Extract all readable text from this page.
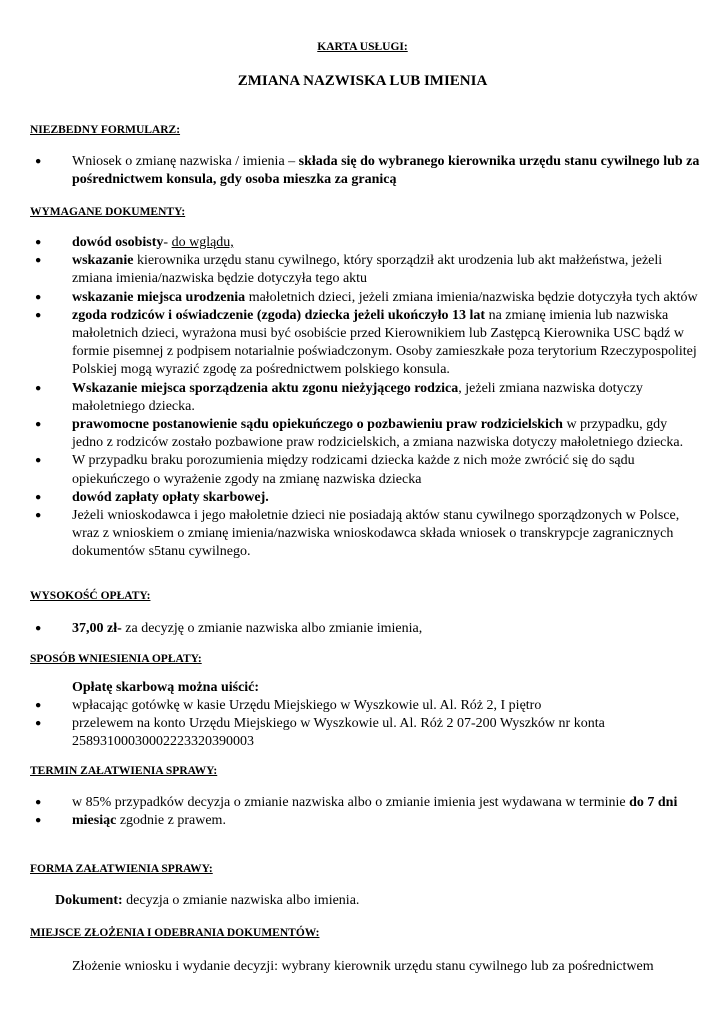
KARTA USŁUGI:
ZMIANA NAZWISKA LUB IMIENIA
NIEZBEDNY FORMULARZ:
● Wniosek o zmianę nazwiska / imienia – składa się do wybranego kierownika urzędu stanu cywilnego lub za pośrednictwem konsula, gdy osoba mieszka za granicą
WYMAGANE DOKUMENTY:
● dowód osobisty- do wglądu,
● wskazanie kierownika urzędu stanu cywilnego, który sporządził akt urodzenia lub akt małżeństwa, jeżeli zmiana imienia/nazwiska będzie dotyczyła tego aktu
● wskazanie miejsca urodzenia małoletnich dzieci, jeżeli zmiana imienia/nazwiska będzie dotyczyła tych aktów
● zgoda rodziców i oświadczenie (zgoda) dziecka jeżeli ukończyło 13 lat na zmianę imienia lub nazwiska małoletnich dzieci, wyrażona musi być osobiście przed Kierownikiem lub Zastępcą Kierownika USC bądź w formie pisemnej z podpisem notarialnie poświadczonym. Osoby zamieszkałe poza terytorium Rzeczypospolitej Polskiej mogą wyrazić zgodę za pośrednictwem polskiego konsula.
● Wskazanie miejsca sporządzenia aktu zgonu nieżyjącego rodzica, jeżeli zmiana nazwiska dotyczy małoletniego dziecka.
● prawomocne postanowienie sądu opiekuńczego o pozbawieniu praw rodzicielskich w przypadku, gdy jedno z rodziców zostało pozbawione praw rodzicielskich, a zmiana nazwiska dotyczy małoletniego dziecka.
● W przypadku braku porozumienia między rodzicami dziecka każde z nich może zwrócić się do sądu opiekuńczego o wyrażenie zgody na zmianę nazwiska dziecka
● dowód zapłaty opłaty skarbowej.
● Jeżeli wnioskodawca i jego małoletnie dzieci nie posiadają aktów stanu cywilnego sporządzonych w Polsce, wraz z wnioskiem o zmianę imienia/nazwiska wnioskodawca składa wniosek o transkrypcje zagranicznych dokumentów s5tanu cywilnego.
WYSOKOŚĆ OPŁATY:
● 37,00 zł- za decyzję o zmianie nazwiska albo zmianie imienia,
SPOSÓB WNIESIENIA OPŁATY:
Opłatę skarbową można uiścić:
● wpłacając gotówkę w kasie Urzędu Miejskiego w Wyszkowie ul. Al. Róż 2, I piętro
● przelewem na konto Urzędu Miejskiego w Wyszkowie ul. Al. Róż 2 07-200 Wyszków nr konta 25893100030002223320390003
TERMIN ZAŁATWIENIA SPRAWY:
● w 85% przypadków decyzja o zmianie nazwiska albo o zmianie imienia jest wydawana w terminie do 7 dni
● miesiąc zgodnie z prawem.
FORMA ZAŁATWIENIA SPRAWY:
Dokument: decyzja o zmianie nazwiska albo imienia.
MIEJSCE ZŁOŻENIA I ODEBRANIA DOKUMENTÓW:
Złożenie wniosku i wydanie decyzji: wybrany kierownik urzędu stanu cywilnego lub za pośrednictwem
